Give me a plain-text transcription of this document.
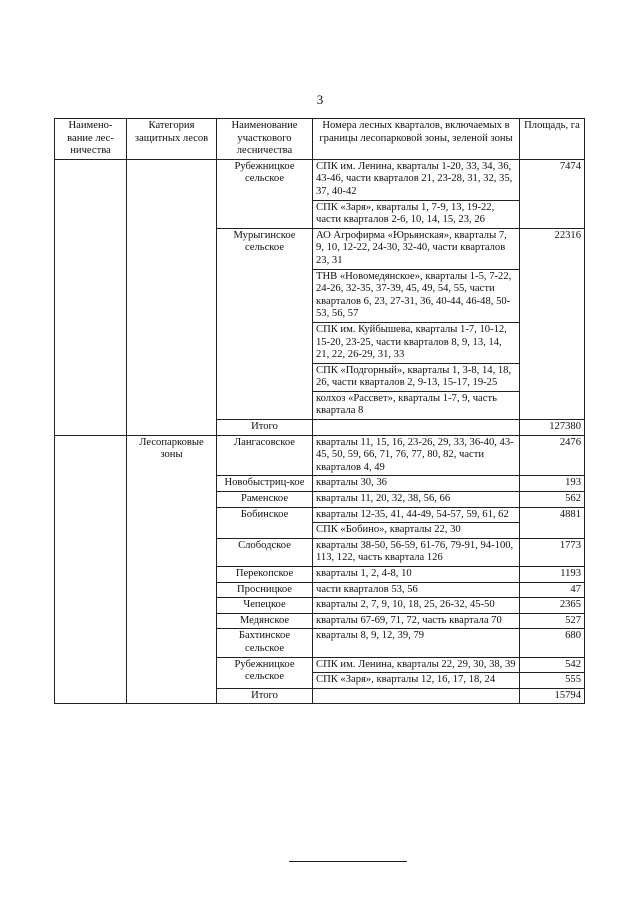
3
Наимено-вание лес-ничества	Категория защитных лесов	Наименование участкового лесничества	Номера лесных кварталов, включаемых в границы лесопарковой зоны, зеленой зоны	Площадь, га
		Рубежницкое сельское	СПК им. Ленина, кварталы 1-20, 33, 34, 36, 43-46, части кварталов 21, 23-28, 31, 32, 35, 37, 40-42	7474
			СПК «Заря», кварталы 1, 7-9, 13, 19-22, части кварталов 2-6, 10, 14, 15, 23, 26	
		Мурыгинское сельское	АО Агрофирма «Юрьянская», кварталы 7, 9, 10, 12-22, 24-30, 32-40, части кварталов 23, 31	22316
			ТНВ «Новомедянское», кварталы 1-5, 7-22, 24-26, 32-35, 37-39, 45, 49, 54, 55, части кварталов 6, 23, 27-31, 36, 40-44, 46-48, 50-53, 56, 57	
			СПК им. Куйбышева, кварталы 1-7, 10-12, 15-20, 23-25, части кварталов 8, 9, 13, 14, 21, 22, 26-29, 31, 33	
			СПК «Подгорный», кварталы 1, 3-8, 14, 18, 26, части кварталов 2, 9-13, 15-17, 19-25	
			колхоз «Рассвет», кварталы 1-7, 9, часть квартала 8	
		Итого		127380
	Лесопарковые зоны	Лангасовское	кварталы 11, 15, 16, 23-26, 29, 33, 36-40, 43-45, 50, 59, 66, 71, 76, 77, 80, 82, части кварталов 4, 49	2476
		Новобыстриц-кое	кварталы 30, 36	193
		Раменское	кварталы 11, 20, 32, 38, 56, 66	562
		Бобинское	кварталы 12-35, 41, 44-49, 54-57, 59, 61, 62	4881
			СПК «Бобино», кварталы 22, 30	
		Слободское	кварталы 38-50, 56-59, 61-76, 79-91, 94-100, 113, 122, часть квартала 126	1773
		Перекопское	кварталы 1, 2, 4-8, 10	1193
		Просницкое	части кварталов 53, 56	47
		Чепецкое	кварталы 2, 7, 9, 10, 18, 25, 26-32, 45-50	2365
		Медянское	кварталы 67-69, 71, 72, часть квартала 70	527
		Бахтинское сельское	кварталы 8, 9, 12, 39, 79	680
		Рубежницкое сельское	СПК им. Ленина, кварталы 22, 29, 30, 38, 39	542
			СПК «Заря», кварталы 12, 16, 17, 18, 24	555
		Итого		15794
